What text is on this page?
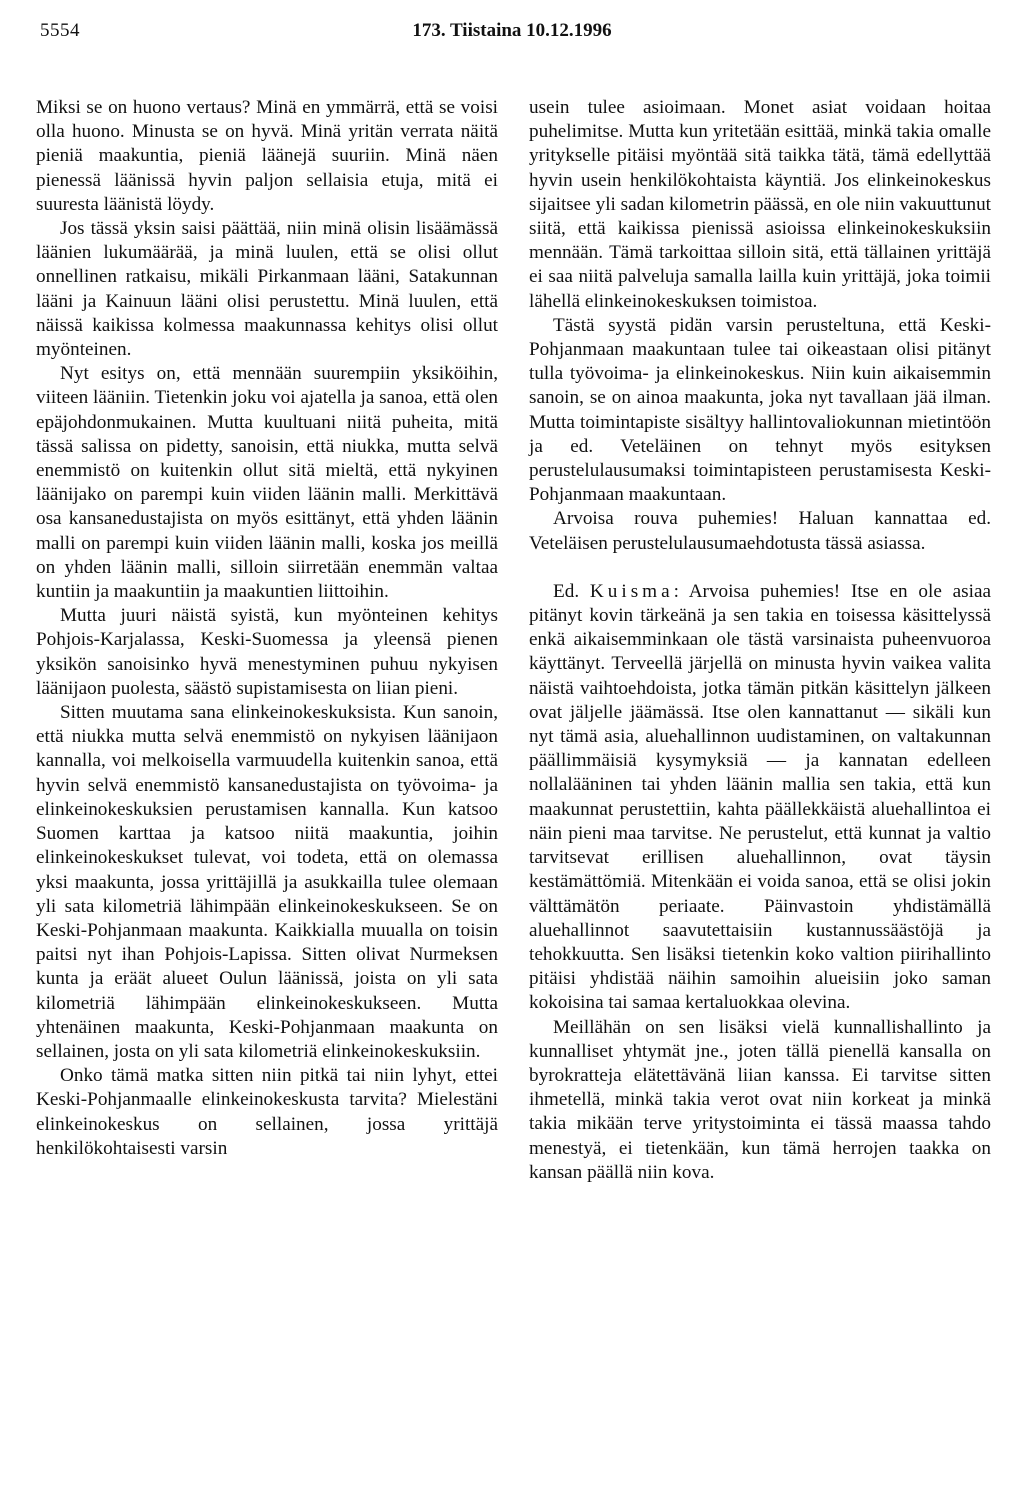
5554	173. Tiistaina 10.12.1996

Miksi se on huono vertaus? Minä en ymmärrä, että se voisi olla huono. Minusta se on hyvä. Minä yritän verrata näitä pieniä maakuntia, pieniä läänejä suuriin. Minä näen pienessä läänissä hyvin paljon sellaisia etuja, mitä ei suuresta läänistä löydy.

Jos tässä yksin saisi päättää, niin minä olisin lisäämässä läänien lukumäärää, ja minä luulen, että se olisi ollut onnellinen ratkaisu, mikäli Pirkanmaan lääni, Satakunnan lääni ja Kainuun lääni olisi perustettu. Minä luulen, että näissä kaikissa kolmessa maakunnassa kehitys olisi ollut myönteinen.

Nyt esitys on, että mennään suurempiin yksiköihin, viiteen lääniin. Tietenkin joku voi ajatella ja sanoa, että olen epäjohdonmukainen. Mutta kuultuani niitä puheita, mitä tässä salissa on pidetty, sanoisin, että niukka, mutta selvä enemmistö on kuitenkin ollut sitä mieltä, että nykyinen läänijako on parempi kuin viiden läänin malli. Merkittävä osa kansanedustajista on myös esittänyt, että yhden läänin malli on parempi kuin viiden läänin malli, koska jos meillä on yhden läänin malli, silloin siirretään enemmän valtaa kuntiin ja maakuntiin ja maakuntien liittoihin.

Mutta juuri näistä syistä, kun myönteinen kehitys Pohjois-Karjalassa, Keski-Suomessa ja yleensä pienen yksikön sanoisinko hyvä menestyminen puhuu nykyisen läänijaon puolesta, säästö supistamisesta on liian pieni.

Sitten muutama sana elinkeinokeskuksista. Kun sanoin, että niukka mutta selvä enemmistö on nykyisen läänijaon kannalla, voi melkoisella varmuudella kuitenkin sanoa, että hyvin selvä enemmistö kansanedustajista on työvoima- ja elinkeinokeskuksien perustamisen kannalla. Kun katsoo Suomen karttaa ja katsoo niitä maakuntia, joihin elinkeinokeskukset tulevat, voi todeta, että on olemassa yksi maakunta, jossa yrittäjillä ja asukkailla tulee olemaan yli sata kilometriä lähimpään elinkeinokeskukseen. Se on Keski-Pohjanmaan maakunta. Kaikkialla muualla on toisin paitsi nyt ihan Pohjois-Lapissa. Sitten olivat Nurmeksen kunta ja eräät alueet Oulun läänissä, joista on yli sata kilometriä lähimpään elinkeinokeskukseen. Mutta yhtenäinen maakunta, Keski-Pohjanmaan maakunta on sellainen, josta on yli sata kilometriä elinkeinokeskuksiin.

Onko tämä matka sitten niin pitkä tai niin lyhyt, ettei Keski-Pohjanmaalle elinkeinokeskusta tarvita? Mielestäni elinkeinokeskus on sellainen, jossa yrittäjä henkilökohtaisesti varsin

usein tulee asioimaan. Monet asiat voidaan hoitaa puhelimitse. Mutta kun yritetään esittää, minkä takia omalle yritykselle pitäisi myöntää sitä taikka tätä, tämä edellyttää hyvin usein henkilökohtaista käyntiä. Jos elinkeinokeskus sijaitsee yli sadan kilometrin päässä, en ole niin vakuuttunut siitä, että kaikissa pienissä asioissa elinkeinokeskuksiin mennään. Tämä tarkoittaa silloin sitä, että tällainen yrittäjä ei saa niitä palveluja samalla lailla kuin yrittäjä, joka toimii lähellä elinkeinokeskuksen toimistoa.

Tästä syystä pidän varsin perusteltuna, että Keski-Pohjanmaan maakuntaan tulee tai oikeastaan olisi pitänyt tulla työvoima- ja elinkeinokeskus. Niin kuin aikaisemmin sanoin, se on ainoa maakunta, joka nyt tavallaan jää ilman. Mutta toimintapiste sisältyy hallintovaliokunnan mietintöön ja ed. Veteläinen on tehnyt myös esityksen perustelulausumaksi toimintapisteen perustamisesta Keski-Pohjanmaan maakuntaan.

Arvoisa rouva puhemies! Haluan kannattaa ed. Veteläisen perustelulausumaehdotusta tässä asiassa.

Ed. Kuisma: Arvoisa puhemies! Itse en ole asiaa pitänyt kovin tärkeänä ja sen takia en toisessa käsittelyssä enkä aikaisemminkaan ole tästä varsinaista puheenvuoroa käyttänyt. Terveellä järjellä on minusta hyvin vaikea valita näistä vaihtoehdoista, jotka tämän pitkän käsittelyn jälkeen ovat jäljelle jäämässä. Itse olen kannattanut — sikäli kun nyt tämä asia, aluehallinnon uudistaminen, on valtakunnan päällimmäisiä kysymyksiä — ja kannatan edelleen nollalääninen tai yhden läänin mallia sen takia, että kun maakunnat perustettiin, kahta päällekkäistä aluehallintoa ei näin pieni maa tarvitse. Ne perustelut, että kunnat ja valtio tarvitsevat erillisen aluehallinnon, ovat täysin kestämättömiä. Mitenkään ei voida sanoa, että se olisi jokin välttämätön periaate. Päinvastoin yhdistämällä aluehallinnot saavutettaisiin kustannussäästöjä ja tehokkuutta. Sen lisäksi tietenkin koko valtion piirihallinto pitäisi yhdistää näihin samoihin alueisiin joko saman kokoisina tai samaa kertaluokkaa olevina.

Meillähän on sen lisäksi vielä kunnallishallinto ja kunnalliset yhtymät jne., joten tällä pienellä kansalla on byrokratteja elätettävänä liian kanssa. Ei tarvitse sitten ihmetellä, minkä takia verot ovat niin korkeat ja minkä takia mikään terve yritystoiminta ei tässä maassa tahdo menestyä, ei tietenkään, kun tämä herrojen taakka on kansan päällä niin kova.
